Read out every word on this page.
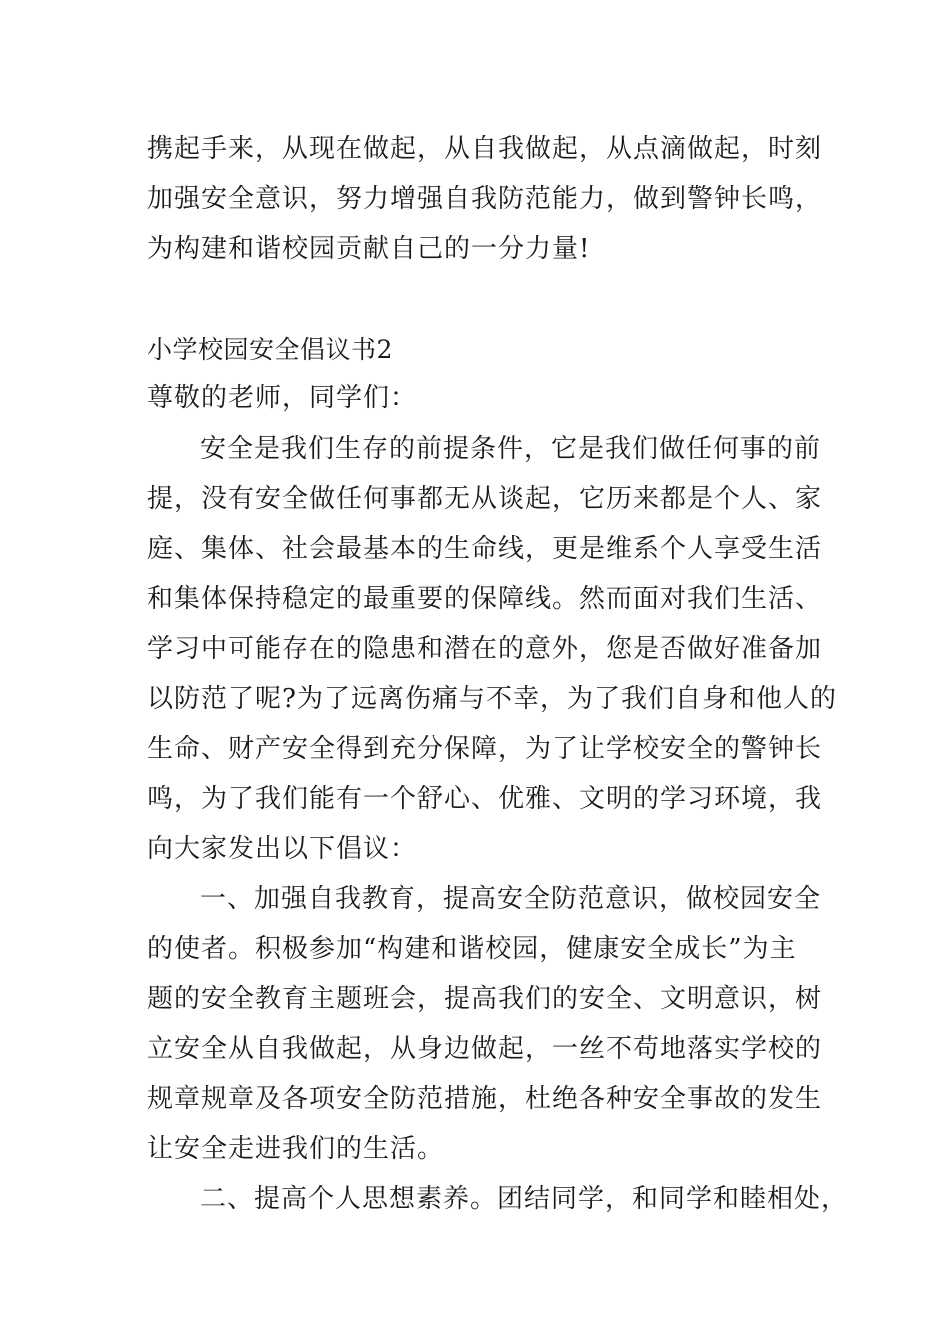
携起手来，从现在做起，从自我做起，从点滴做起，时刻
加强安全意识，努力增强自我防范能力，做到警钟长鸣，
为构建和谐校园贡献自己的一分力量!
小学校园安全倡议书2
尊敬的老师，同学们：
安全是我们生存的前提条件，它是我们做任何事的前
提，没有安全做任何事都无从谈起，它历来都是个人、家
庭、集体、社会最基本的生命线，更是维系个人享受生活
和集体保持稳定的最重要的保障线。然而面对我们生活、
学习中可能存在的隐患和潜在的意外，您是否做好准备加
以防范了呢?为了远离伤痛与不幸，为了我们自身和他人的
生命、财产安全得到充分保障，为了让学校安全的警钟长
鸣，为了我们能有一个舒心、优雅、文明的学习环境，我
向大家发出以下倡议：
一、加强自我教育，提高安全防范意识，做校园安全
的使者。积极参加“构建和谐校园，健康安全成长”为主
题的安全教育主题班会，提高我们的安全、文明意识，树
立安全从自我做起，从身边做起，一丝不苟地落实学校的
规章规章及各项安全防范措施，杜绝各种安全事故的发生
让安全走进我们的生活。
二、提高个人思想素养。团结同学，和同学和睦相处，
